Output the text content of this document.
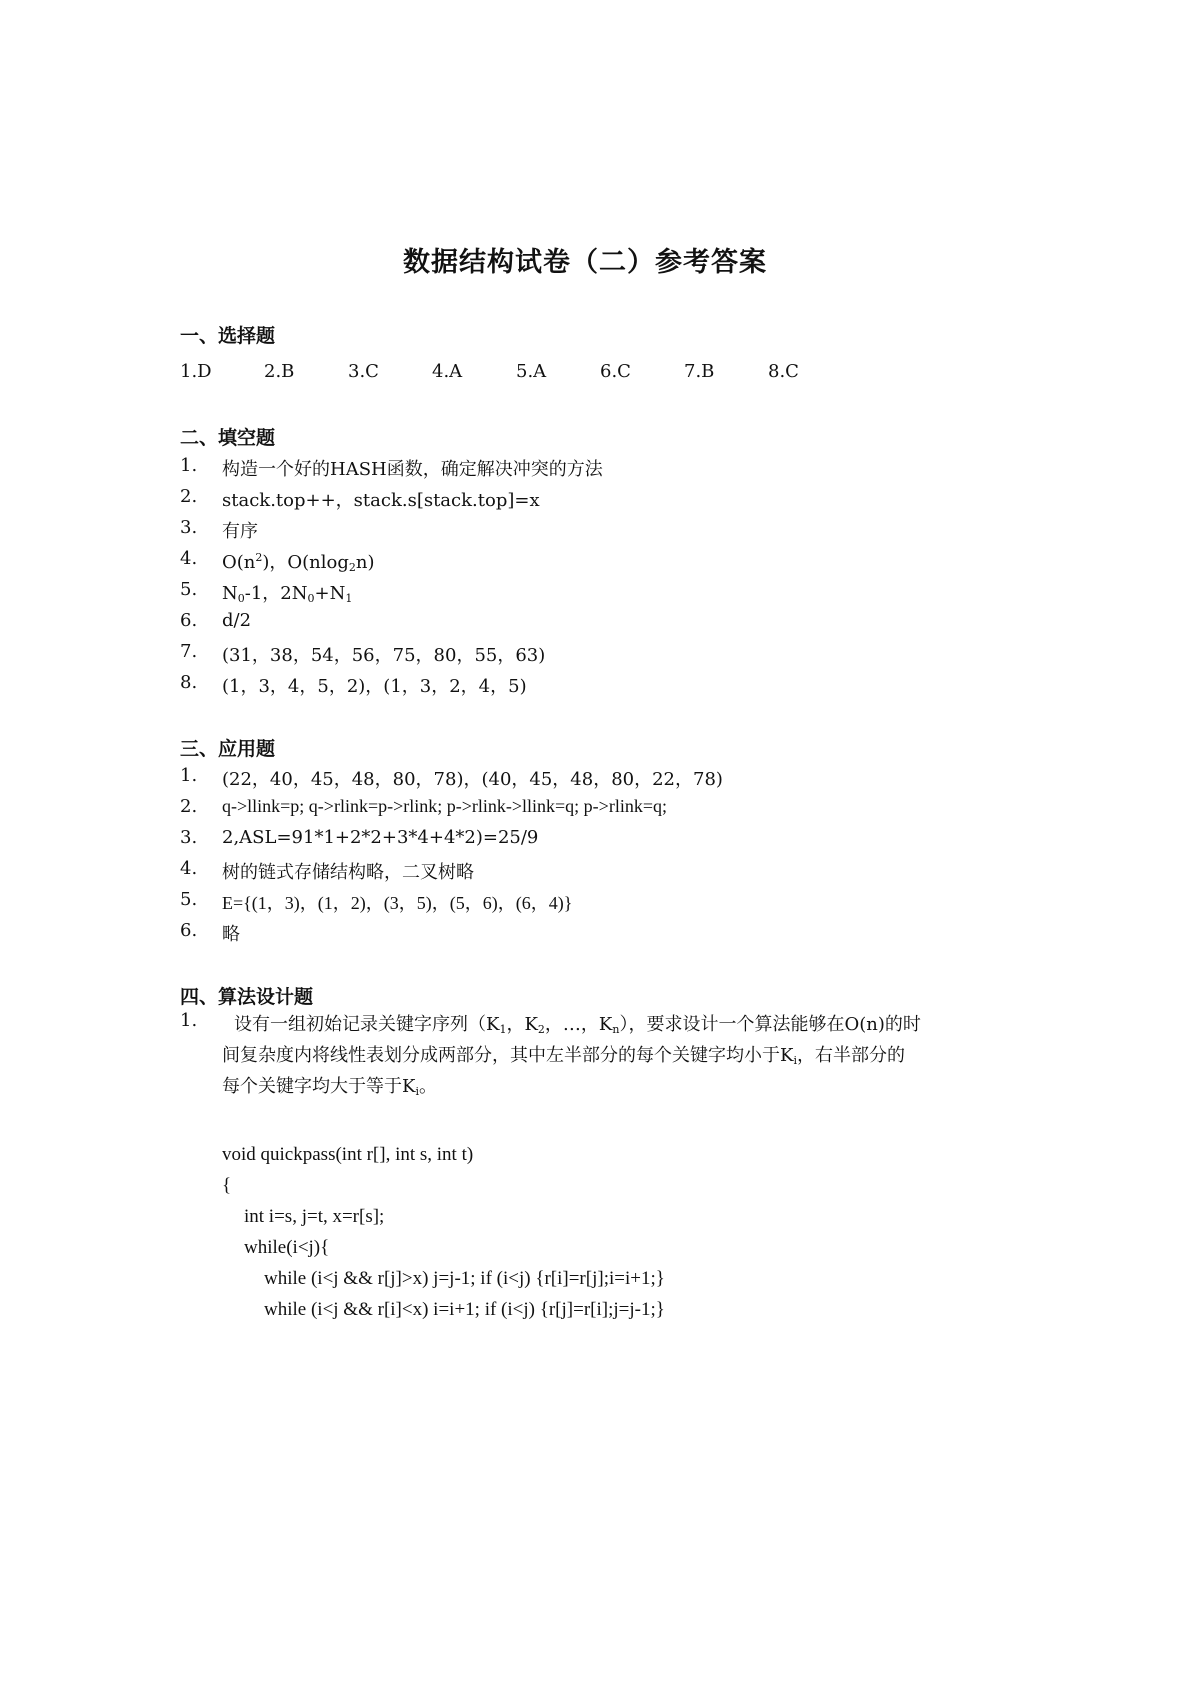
数据结构试卷（二）参考答案
一、选择题
1.D	2.B	3.C	4.A	5.A	6.C	7.B	8.C
二、填空题
1. 构造一个好的HASH函数，确定解决冲突的方法
2. stack.top++，stack.s[stack.top]=x
3. 有序
4. $O(n^2)$，O(nlog$_2$n)
5. $N_0-1$，$2N_0+N_1$
6. d/2
7. (31，38，54，56，75，80，55，63)
8. (1，3，4，5，2)，(1，3，2，4，5)
三、应用题
1. (22，40，45，48，80，78)，(40，45，48，80，22，78)
2. q->llink=p; q->rlink=p->rlink; p->rlink->llink=q; p->rlink=q;
3. 2,ASL=91*1+2*2+3*4+4*2)=25/9
4. 树的链式存储结构略，二叉树略
5. E={(1，3)，(1，2)，(3，5)，(5，6)，(6，4)}
6. 略
四、算法设计题
1. 设有一组初始记录关键字序列（$K_1$，$K_2$，…，$K_n$），要求设计一个算法能够在O(n)的时
间复杂度内将线性表划分成两部分，其中左半部分的每个关键字均小于$K_i$，右半部分的
每个关键字均大于等于$K_i$。
void quickpass(int r[], int s, int t)
{
int i=s, j=t, x=r[s];
while(i<j){
while (i<j && r[j]>x) j=j-1; if (i<j) {r[i]=r[j];i=i+1;}
while (i<j && r[i]<x) i=i+1; if (i<j) {r[j]=r[i];j=j-1;}
